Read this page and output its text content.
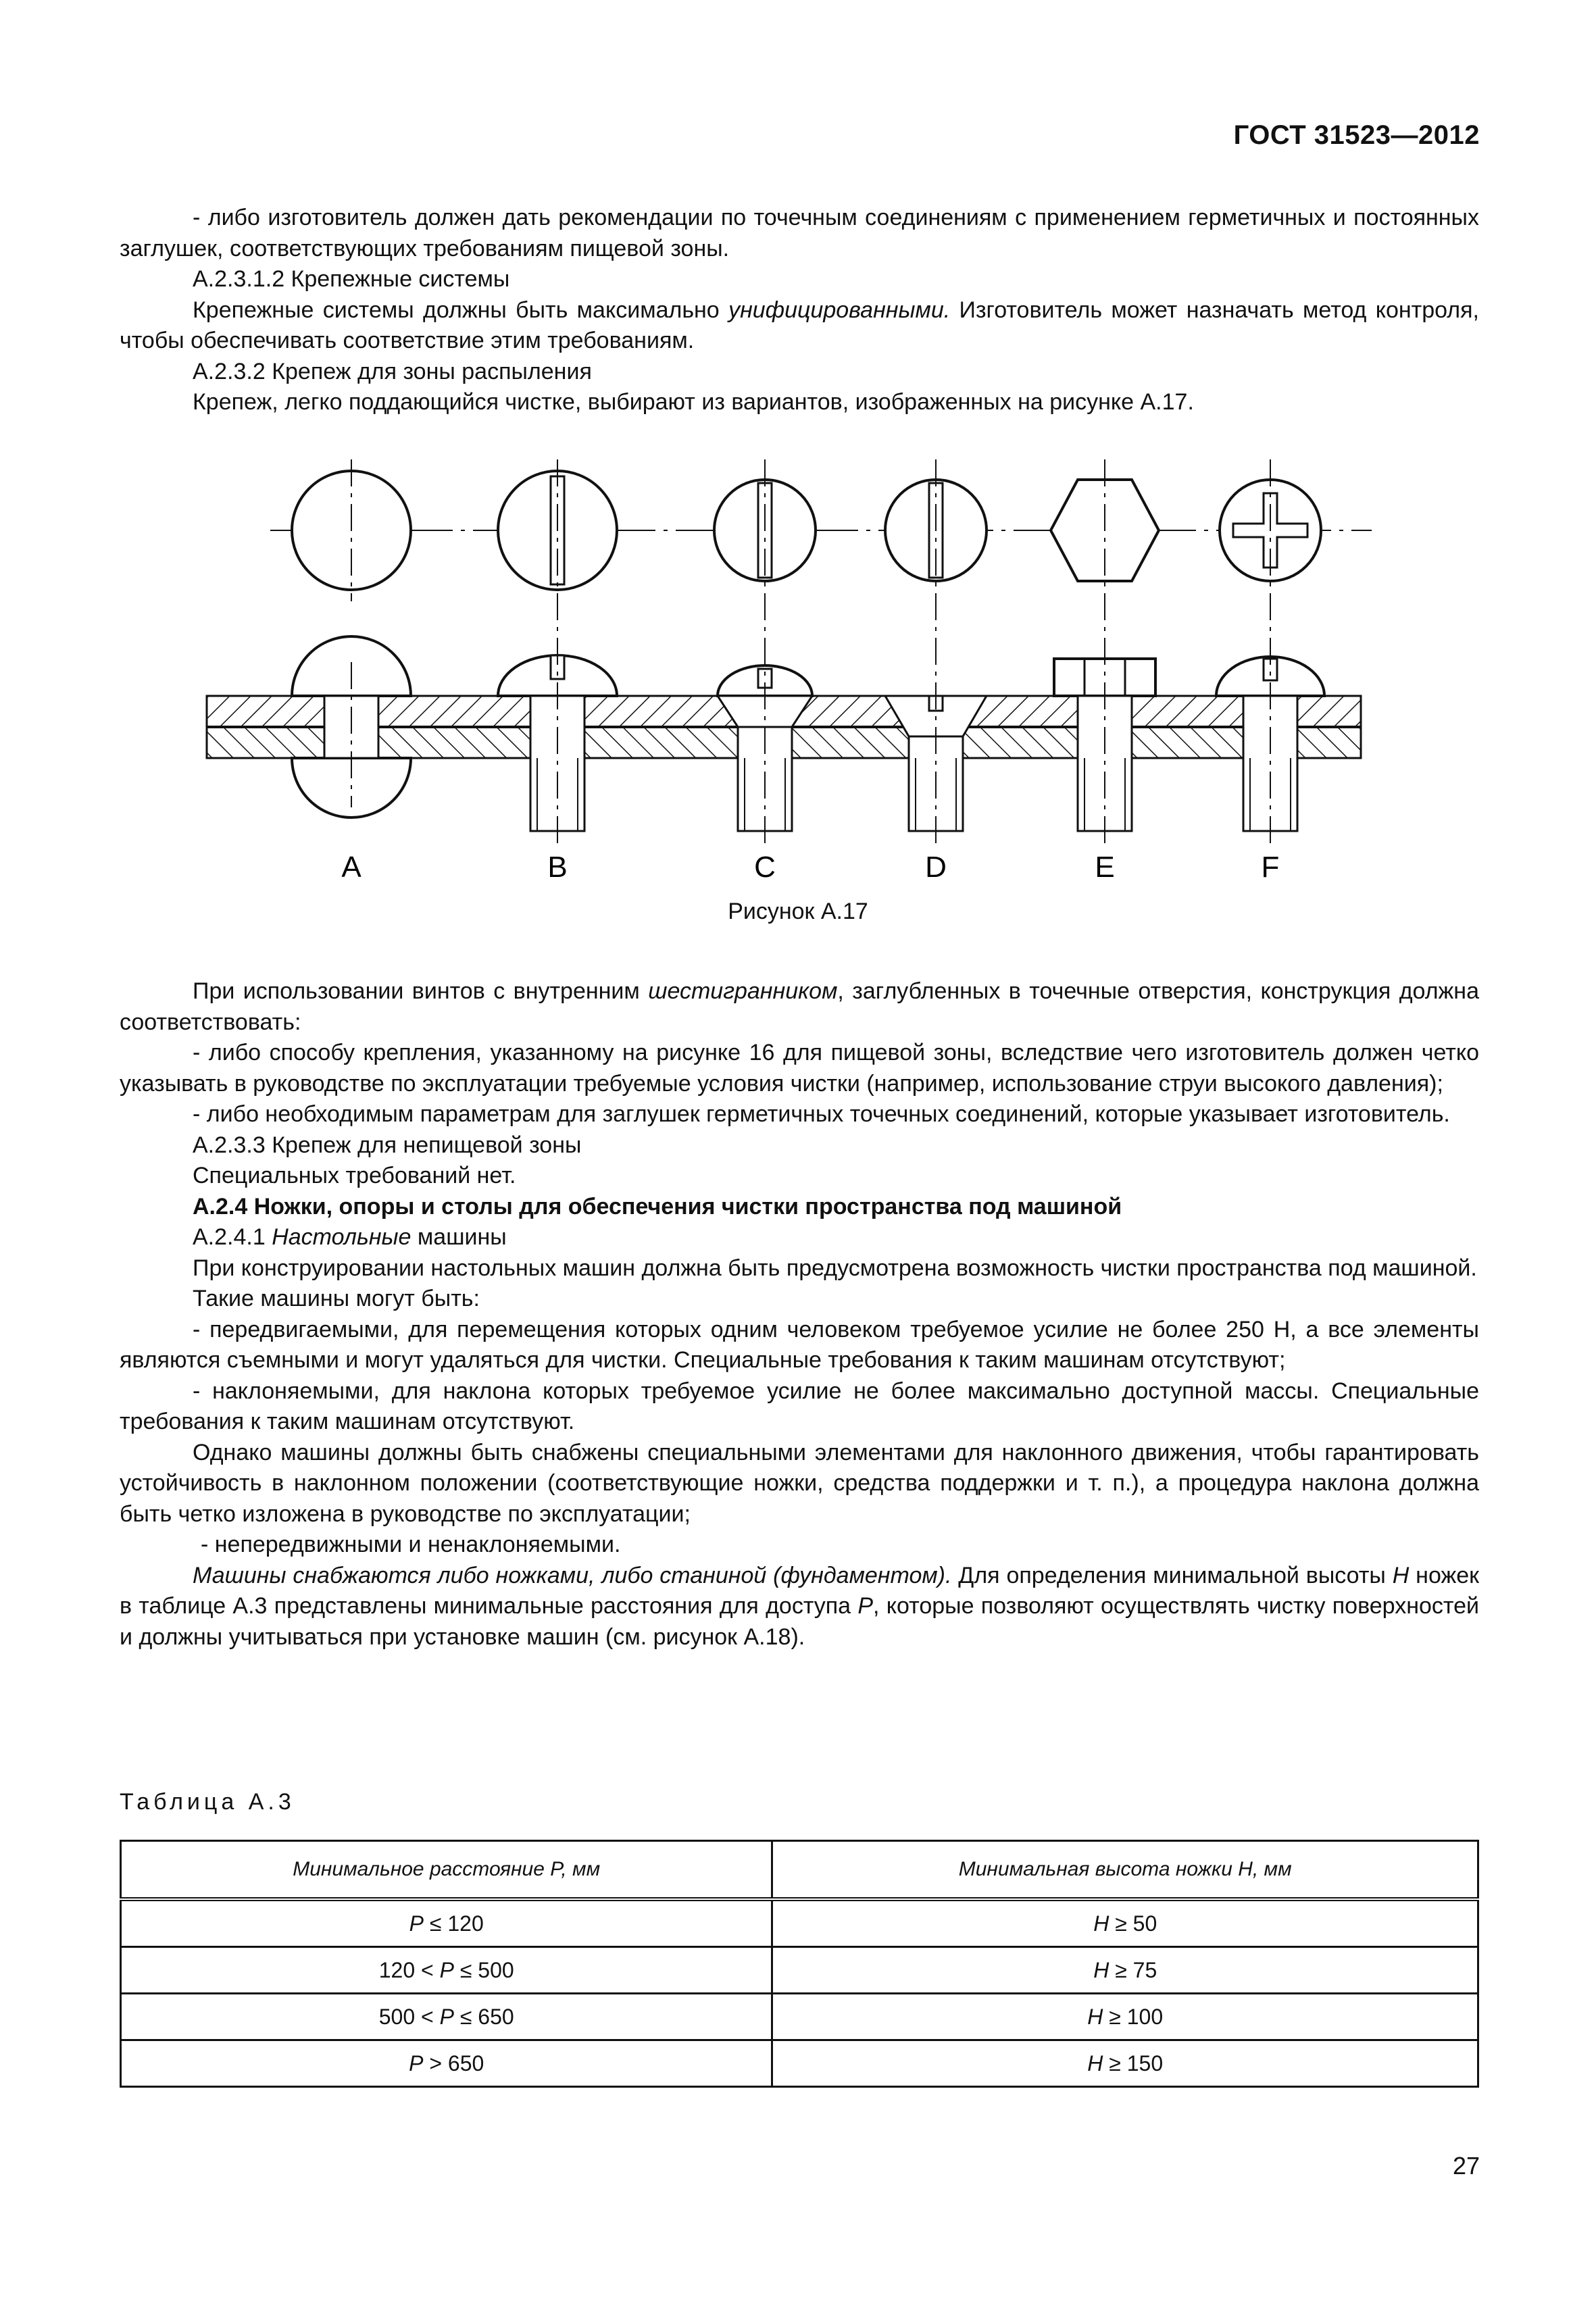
ГОСТ 31523—2012

- либо изготовитель должен дать рекомендации по точечным соединениям с применением герметичных и постоянных заглушек, соответствующих требованиям пищевой зоны.

А.2.3.1.2 Крепежные системы

Крепежные системы должны быть максимально унифицированными. Изготовитель может назначать метод контроля, чтобы обеспечивать соответствие этим требованиям.

А.2.3.2 Крепеж для зоны распыления

Крепеж, легко поддающийся чистке, выбирают из вариантов, изображенных на рисунке А.17.

A	B	C	D	E	F
Рисунок А.17

При использовании винтов с внутренним шестигранником, заглубленных в точечные отверстия, конструкция должна соответствовать:

- либо способу крепления, указанному на рисунке 16 для пищевой зоны, вследствие чего изготовитель должен четко указывать в руководстве по эксплуатации требуемые условия чистки (например, использование струи высокого давления);

- либо необходимым параметрам для заглушек герметичных точечных соединений, которые указывает изготовитель.

А.2.3.3 Крепеж для непищевой зоны

Специальных требований нет.

А.2.4 Ножки, опоры и столы для обеспечения чистки пространства под машиной

А.2.4.1 Настольные машины

При конструировании настольных машин должна быть предусмотрена возможность чистки пространства под машиной.

Такие машины могут быть:

- передвигаемыми, для перемещения которых одним человеком требуемое усилие не более 250 Н, а все элементы являются съемными и могут удаляться для чистки. Специальные требования к таким машинам отсутствуют;

- наклоняемыми, для наклона которых требуемое усилие не более максимально доступной массы. Специальные требования к таким машинам отсутствуют.

Однако машины должны быть снабжены специальными элементами для наклонного движения, чтобы гарантировать устойчивость в наклонном положении (соответствующие ножки, средства поддержки и т. п.), а процедура наклона должна быть четко изложена в руководстве по эксплуатации;

- непередвижными и ненаклоняемыми.

Машины снабжаются либо ножками, либо станиной (фундаментом). Для определения минимальной высоты H ножек в таблице А.3 представлены минимальные расстояния для доступа P, которые позволяют осуществлять чистку поверхностей и должны учитываться при установке машин (см. рисунок А.18).

Таблица А.3
Минимальное расстояние P, мм	Минимальная высота ножки H, мм
P ≤ 120	H ≥ 50
120 < P ≤ 500	H ≥ 75
500 < P ≤ 650	H ≥ 100
P > 650	H ≥ 150
27
